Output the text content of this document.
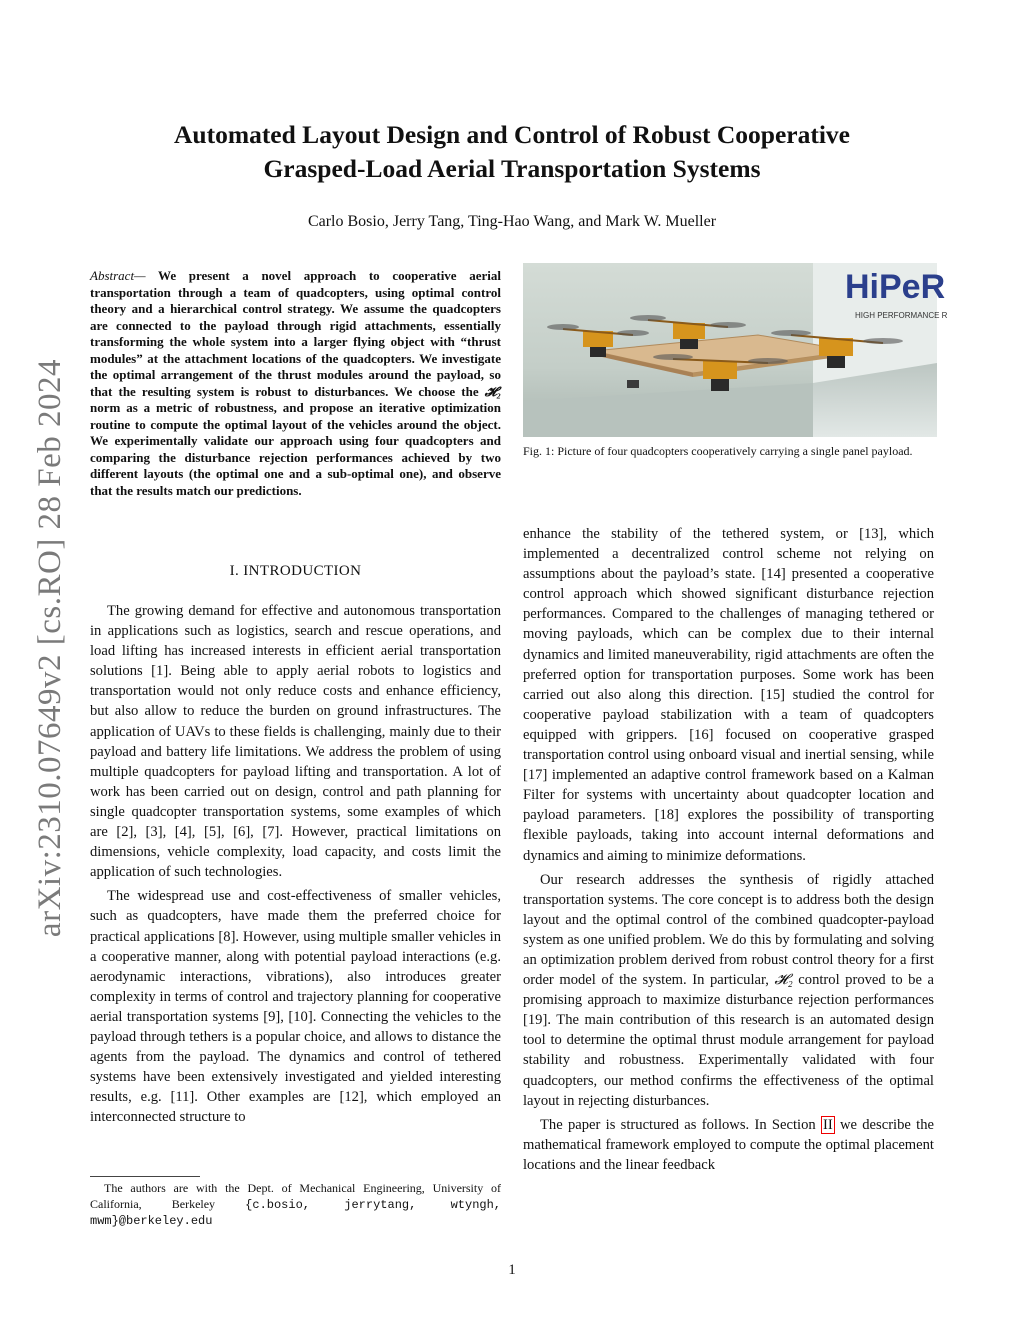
arXiv:2310.07649v2 [cs.RO] 28 Feb 2024
Automated Layout Design and Control of Robust Cooperative
Grasped-Load Aerial Transportation Systems
Carlo Bosio, Jerry Tang, Ting-Hao Wang, and Mark W. Mueller
Abstract— We present a novel approach to cooperative aerial transportation through a team of quadcopters, using optimal control theory and a hierarchical control strategy. We assume the quadcopters are connected to the payload through rigid attachments, essentially transforming the whole system into a larger flying object with “thrust modules” at the attachment locations of the quadcopters. We investigate the optimal arrangement of the thrust modules around the payload, so that the resulting system is robust to disturbances. We choose the 𝓗₂ norm as a metric of robustness, and propose an iterative optimization routine to compute the optimal layout of the vehicles around the object. We experimentally validate our approach using four quadcopters and comparing the disturbance rejection performances achieved by two different layouts (the optimal one and a sub-optimal one), and observe that the results match our predictions.
I. INTRODUCTION

The growing demand for effective and autonomous transportation in applications such as logistics, search and rescue operations, and load lifting has increased interests in efficient aerial transportation solutions [1]. Being able to apply aerial robots to logistics and transportation would not only reduce costs and enhance efficiency, but also allow to reduce the burden on ground infrastructures. The application of UAVs to these fields is challenging, mainly due to their payload and battery life limitations. We address the problem of using multiple quadcopters for payload lifting and transportation. A lot of work has been carried out on design, control and path planning for single quadcopter transportation systems, some examples of which are [2], [3], [4], [5], [6], [7]. However, practical limitations on dimensions, vehicle complexity, load capacity, and costs limit the application of such technologies.

The widespread use and cost-effectiveness of smaller vehicles, such as quadcopters, have made them the preferred choice for practical applications [8]. However, using multiple smaller vehicles in a cooperative manner, along with potential payload interactions (e.g. aerodynamic interactions, vibrations), also introduces greater complexity in terms of control and trajectory planning for cooperative aerial transportation systems [9], [10]. Connecting the vehicles to the payload through tethers is a popular choice, and allows to distance the agents from the payload. The dynamics and control of tethered systems have been extensively investigated and yielded interesting results, e.g. [11]. Other examples are [12], which employed an interconnected structure to

The authors are with the Dept. of Mechanical Engineering, University of California, Berkeley {c.bosio, jerrytang, wtyngh, mwm}@berkeley.edu
HiPeR
HIGH PERFORMANCE R
Fig. 1: Picture of four quadcopters cooperatively carrying a single panel payload.

enhance the stability of the tethered system, or [13], which implemented a decentralized control scheme not relying on assumptions about the payload’s state. [14] presented a cooperative control approach which showed significant disturbance rejection performances. Compared to the challenges of managing tethered or moving payloads, which can be complex due to their internal dynamics and limited maneuverability, rigid attachments are often the preferred option for transportation purposes. Some work has been carried out also along this direction. [15] studied the control for cooperative payload stabilization with a team of quadcopters equipped with grippers. [16] focused on cooperative grasped transportation control using onboard visual and inertial sensing, while [17] implemented an adaptive control framework based on a Kalman Filter for systems with uncertainty about quadcopter location and payload parameters. [18] explores the possibility of transporting flexible payloads, taking into account internal deformations and dynamics and aiming to minimize deformations.

Our research addresses the synthesis of rigidly attached transportation systems. The core concept is to address both the design layout and the optimal control of the combined quadcopter-payload system as one unified problem. We do this by formulating and solving an optimization problem derived from robust control theory for a first order model of the system. In particular, 𝓗₂ control proved to be a promising approach to maximize disturbance rejection performances [19]. The main contribution of this research is an automated design tool to determine the optimal thrust module arrangement for payload stability and robustness. Experimentally validated with four quadcopters, our method confirms the effectiveness of the optimal layout in rejecting disturbances.

The paper is structured as follows. In Section II we describe the mathematical framework employed to compute the optimal placement locations and the linear feedback

1
